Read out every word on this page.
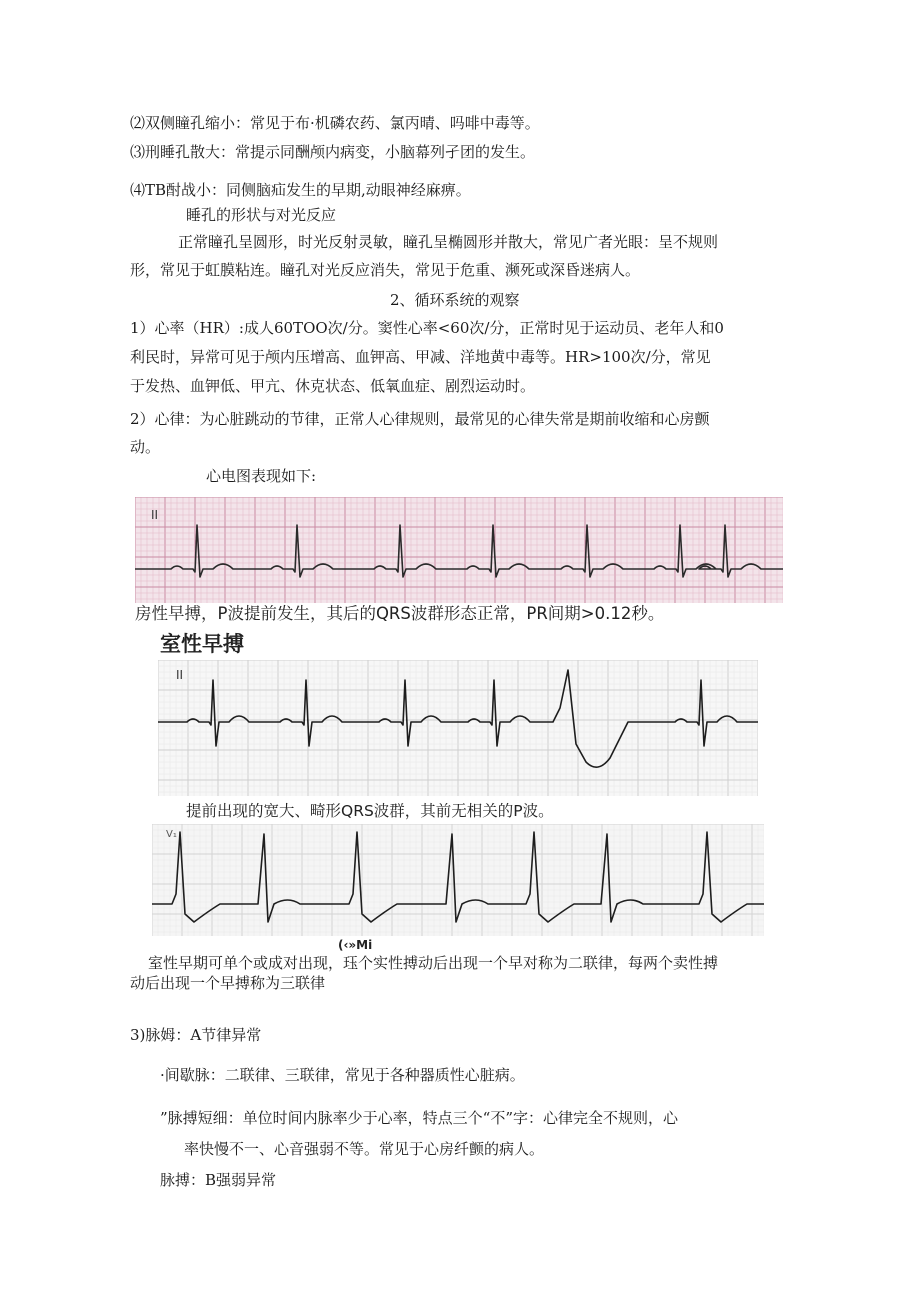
⑵双侧瞳孔缩小：常见于布·机磷农药、氯丙晴、吗啡中毒等。
⑶刑睡孔散大：常提示同酬颅内病变，小脑幕列孑团的发生。
⑷TB酎战小：同侧脑疝发生的早期,动眼神经麻痹。
睡孔的形状与对光反应
正常瞳孔呈圆形，时光反射灵敏，瞳孔呈椭圆形并散大，常见广者光眼：呈不规则
形，常见于虹膜粘连。瞳孔对光反应消失，常见于危重、濒死或深昏迷病人。
2、循环系统的观察
1）心率（HR）:成人60TOO次/分。窦性心率<60次/分，正常时见于运动员、老年人和0
利民时，异常可见于颅内压增高、血钾高、甲减、洋地黄中毒等。HR>100次/分，常见
于发热、血钾低、甲亢、休克状态、低氧血症、剧烈运动时。
2）心律：为心脏跳动的节律，正常人心律规则，最常见的心律失常是期前收缩和心房颤
动。
心电图表现如下:
II
房性早搏，P波提前发生，其后的QRS波群形态正常，PR间期>0.12秒。
室性早搏
II
提前出现的宽大、畸形QRS波群，其前无相关的P波。
V₁
(‹»Mi
室性早期可单个或成对出现，珏个实性搏动后出现一个早对称为二联律，每两个卖性搏
动后出现一个早搏称为三联律
3)脉姆：A节律异常
·间歇脉：二联律、三联律，常见于各种器质性心脏病。
”脉搏短细：单位时间内脉率少于心率，特点三个“不”字：心律完全不规则，心
率快慢不一、心音强弱不等。常见于心房纤颤的病人。
脉搏：B强弱异常
